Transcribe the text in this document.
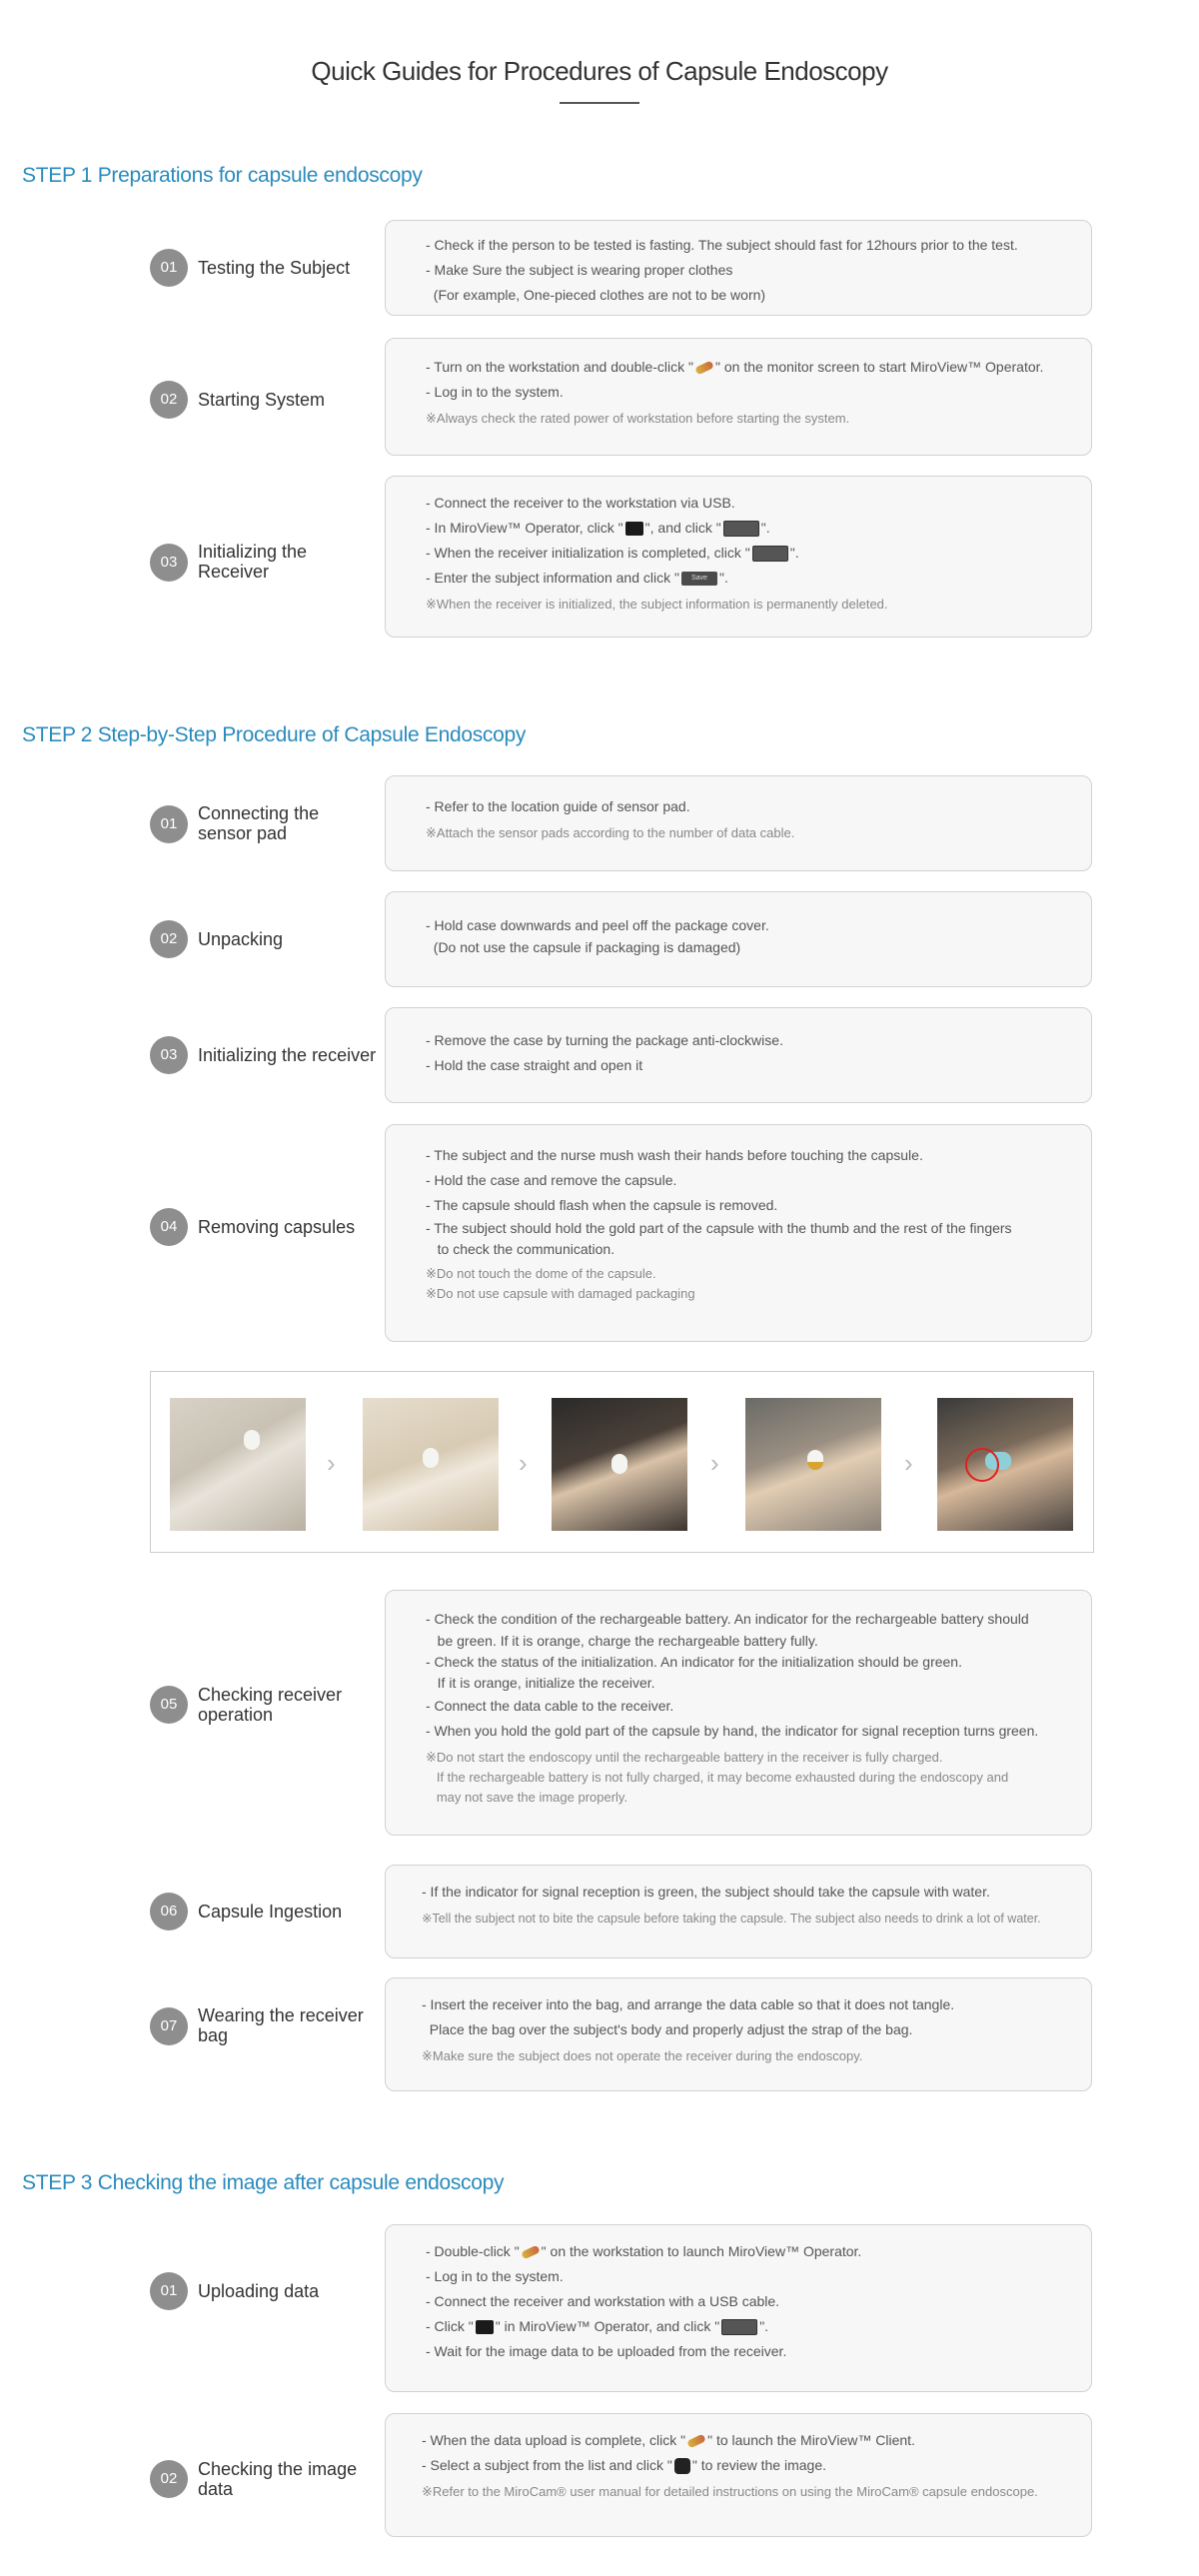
Quick Guides for Procedures of Capsule Endoscopy
STEP 1 Preparations for capsule endoscopy
01	Testing the Subject
- Check if the person to be tested is fasting. The subject should fast for 12hours prior to the test.
- Make Sure the subject is wearing proper clothes
(For example, One-pieced clothes are not to be worn)
02	Starting System
- Turn on the workstation and double-click " " on the monitor screen to start MiroView™ Operator.
- Log in to the system.
※Always check the rated power of workstation before starting the system.
03
Initializing the Receiver
- Connect the receiver to the workstation via USB.
- In MiroView™ Operator, click " ", and click "	".
- When the receiver initialization is completed, click "	".
- Enter the subject information and click " Save ".
※When the receiver is initialized, the subject information is permanently deleted.
STEP 2 Step-by-Step Procedure of Capsule Endoscopy
01
Connecting the sensor pad
- Refer to the location guide of sensor pad.
※Attach the sensor pads according to the number of data cable.
02	Unpacking
- Hold case downwards and peel off the package cover.
(Do not use the capsule if packaging is damaged)
03	Initializing the receiver
- Remove the case by turning the package anti-clockwise.
- Hold the case straight and open it
04	Removing capsules
- The subject and the nurse mush wash their hands before touching the capsule.
- Hold the case and remove the capsule.
- The capsule should flash when the capsule is removed.
- The subject should hold the gold part of the capsule with the thumb and the rest of the fingers
to check the communication.
※Do not touch the dome of the capsule.
※Do not use capsule with damaged packaging
›	›	›	›
05	Checking receiver operation
- Check the condition of the rechargeable battery. An indicator for the rechargeable battery should
be green. If it is orange, charge the rechargeable battery fully.
- Check the status of the initialization. An indicator for the initialization should be green.
If it is orange, initialize the receiver.
- Connect the data cable to the receiver.
- When you hold the gold part of the capsule by hand, the indicator for signal reception turns green.
※Do not start the endoscopy until the rechargeable battery in the receiver is fully charged.
If the rechargeable battery is not fully charged, it may become exhausted during the endoscopy and
may not save the image properly.
06	Capsule Ingestion
- If the indicator for signal reception is green, the subject should take the capsule with water.
※Tell the subject not to bite the capsule before taking the capsule. The subject also needs to drink a lot of water.
07
Wearing the receiver bag
- Insert the receiver into the bag, and arrange the data cable so that it does not tangle.
Place the bag over the subject's body and properly adjust the strap of the bag.
※Make sure the subject does not operate the receiver during the endoscopy.
STEP 3 Checking the image after capsule endoscopy
01	Uploading data
- Double-click " " on the workstation to launch MiroView™ Operator.
- Log in to the system.
- Connect the receiver and workstation with a USB cable.
- Click " " in MiroView™ Operator, and click "	".
- Wait for the image data to be uploaded from the receiver.
02	Checking the image data
- When the data upload is complete, click " " to launch the MiroView™ Client.
- Select a subject from the list and click " " to review the image.
※Refer to the MiroCam® user manual for detailed instructions on using the MiroCam® capsule endoscope.
